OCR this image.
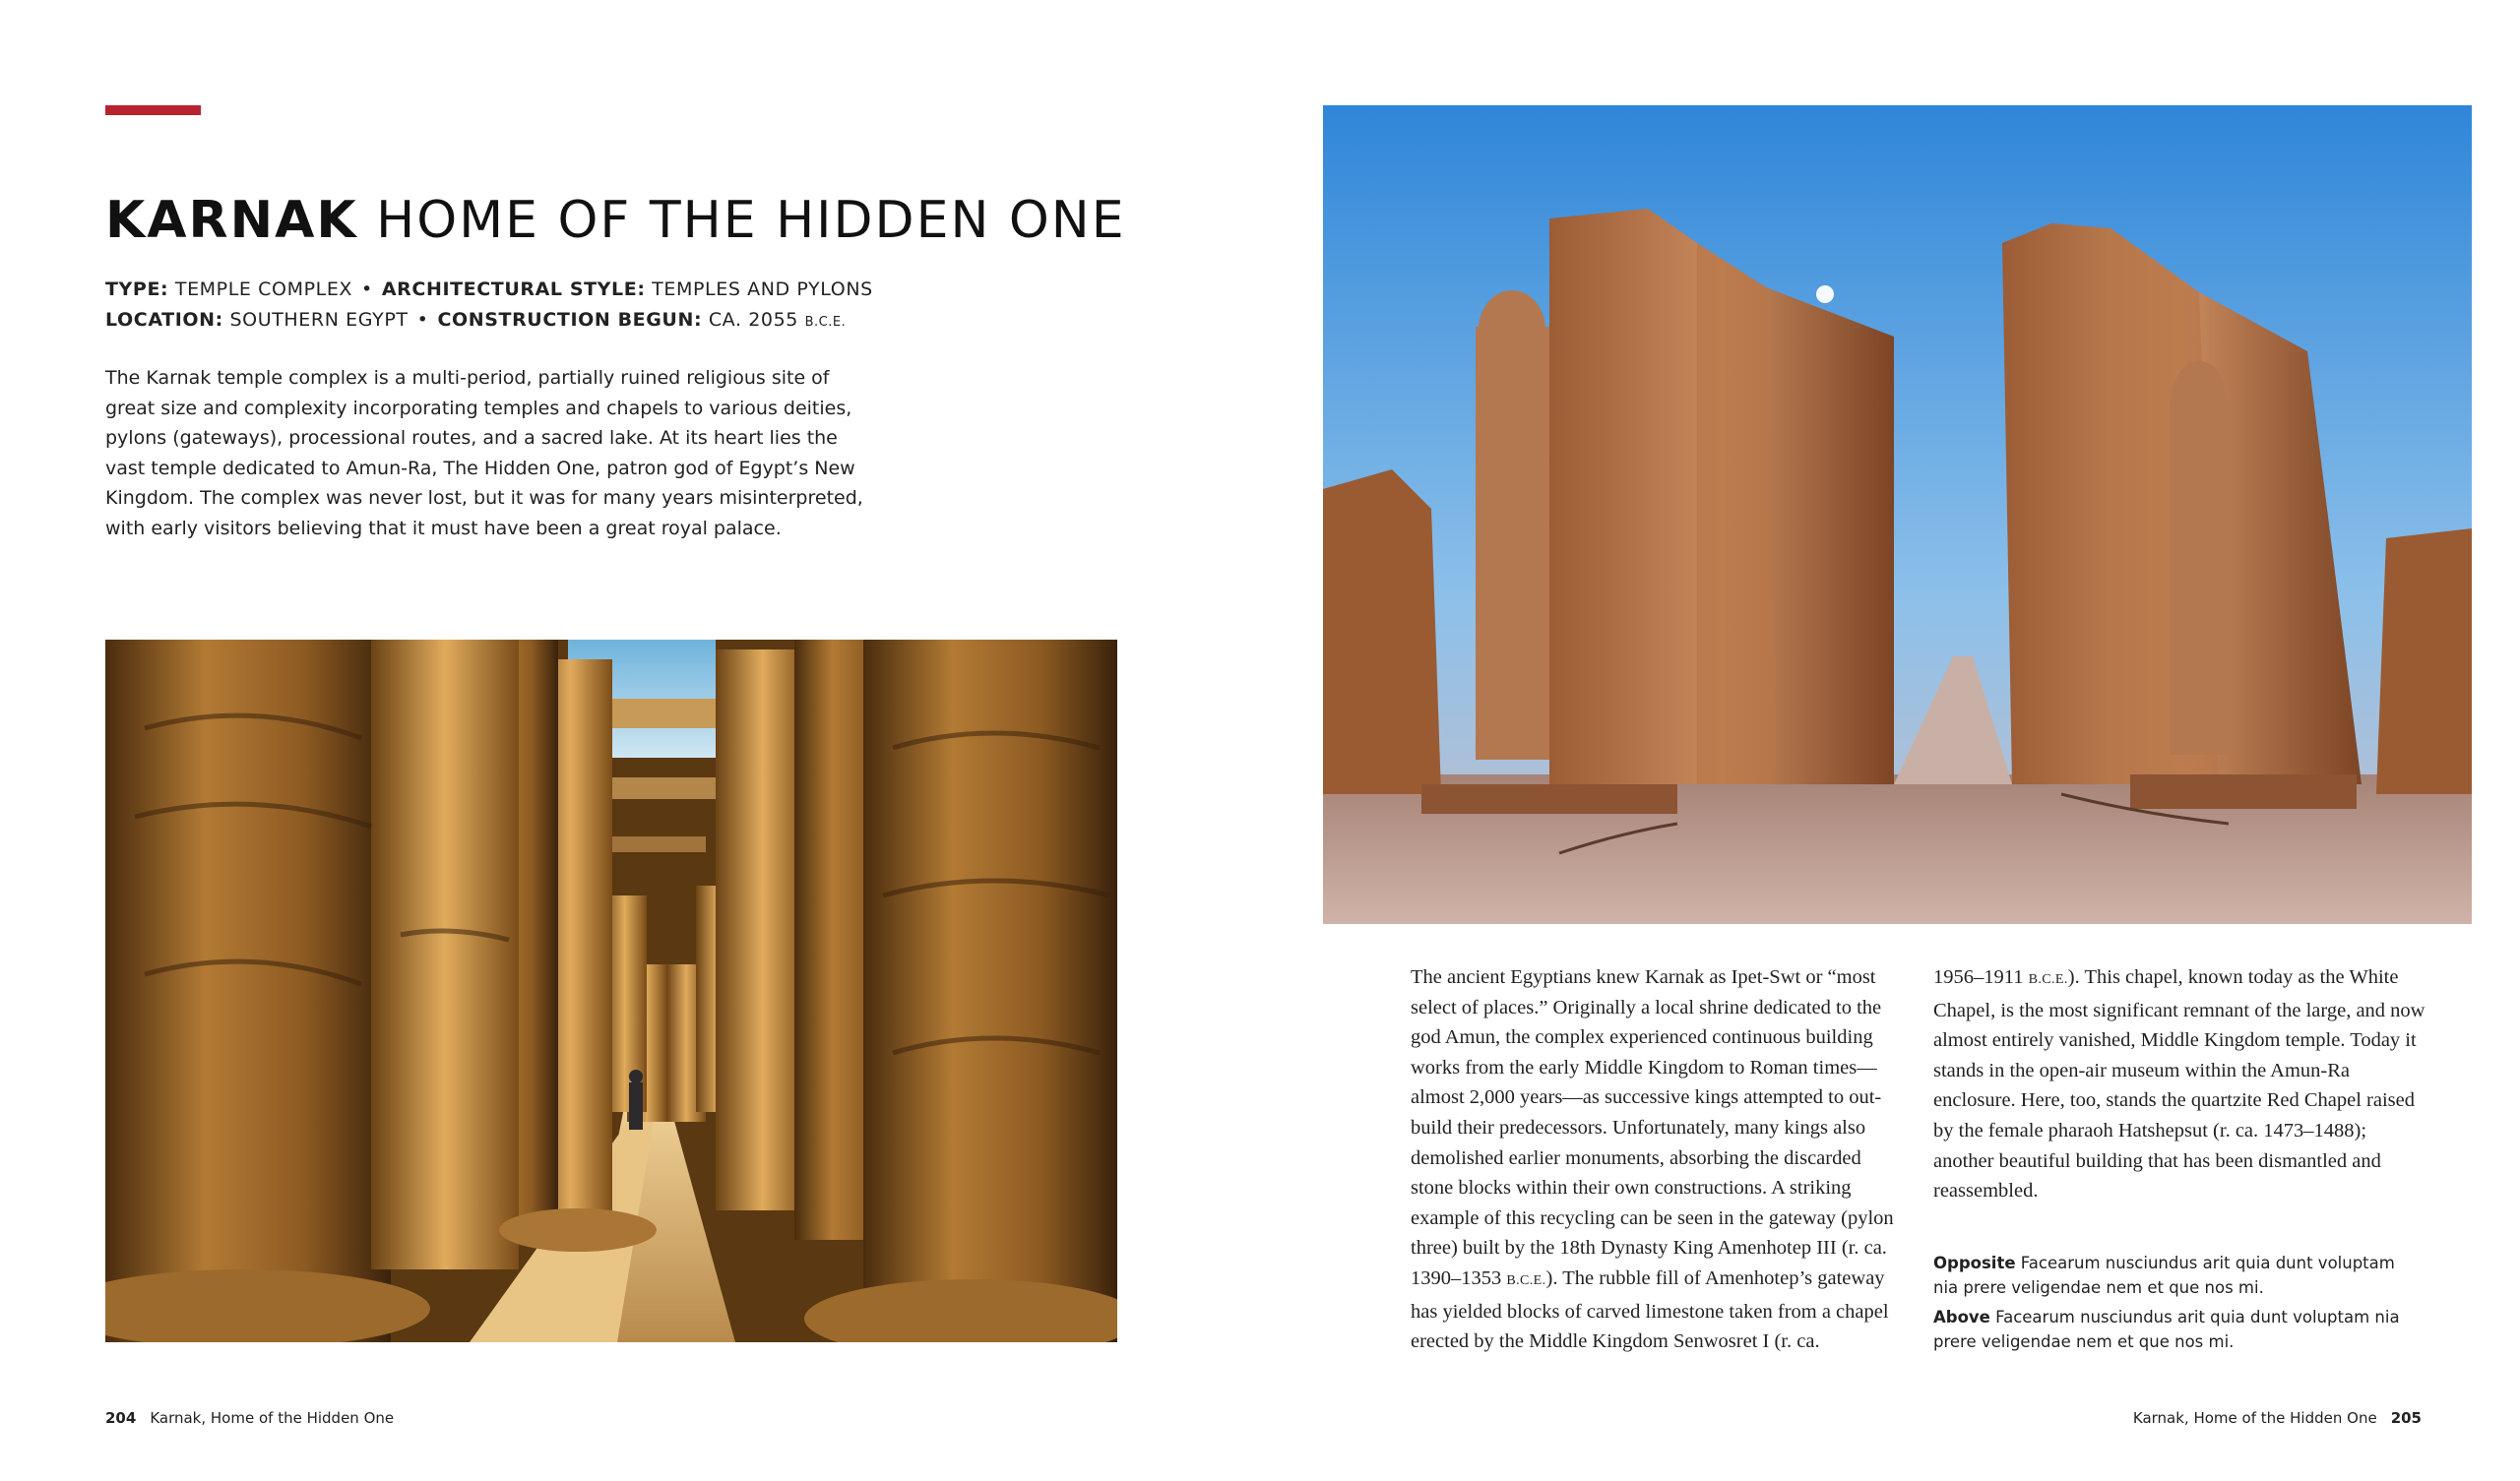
KARNAK HOME OF THE HIDDEN ONE
TYPE: TEMPLE COMPLEX • ARCHITECTURAL STYLE: TEMPLES AND PYLONS
LOCATION: SOUTHERN EGYPT • CONSTRUCTION BEGUN: CA. 2055 B.C.E.

The Karnak temple complex is a multi-period, partially ruined religious site of great size and complexity incorporating temples and chapels to various deities, pylons (gateways), processional routes, and a sacred lake. At its heart lies the vast temple dedicated to Amun-Ra, The Hidden One, patron god of Egypt’s New Kingdom. The complex was never lost, but it was for many years misinterpreted, with early visitors believing that it must have been a great royal palace.

204 Karnak, Home of the Hidden One

The ancient Egyptians knew Karnak as Ipet-Swt or “most select of places.” Originally a local shrine dedicated to the god Amun, the complex experienced continuous building works from the early Middle Kingdom to Roman times—almost 2,000 years—as successive kings attempted to out-build their predecessors. Unfortunately, many kings also demolished earlier monuments, absorbing the discarded stone blocks within their own constructions. A striking example of this recycling can be seen in the gateway (pylon three) built by the 18th Dynasty King Amenhotep III (r. ca. 1390–1353 B.C.E.). The rubble fill of Amenhotep’s gateway has yielded blocks of carved limestone taken from a chapel erected by the Middle Kingdom Senwosret I (r. ca.

1956–1911 B.C.E.). This chapel, known today as the White Chapel, is the most significant remnant of the large, and now almost entirely vanished, Middle Kingdom temple. Today it stands in the open-air museum within the Amun-Ra enclosure. Here, too, stands the quartzite Red Chapel raised by the female pharaoh Hatshepsut (r. ca. 1473–1488); another beautiful building that has been dismantled and reassembled.

Opposite Facearum nusciundus arit quia dunt voluptam nia prere veligendae nem et que nos mi.

Above Facearum nusciundus arit quia dunt voluptam nia prere veligendae nem et que nos mi.

Karnak, Home of the Hidden One 205
